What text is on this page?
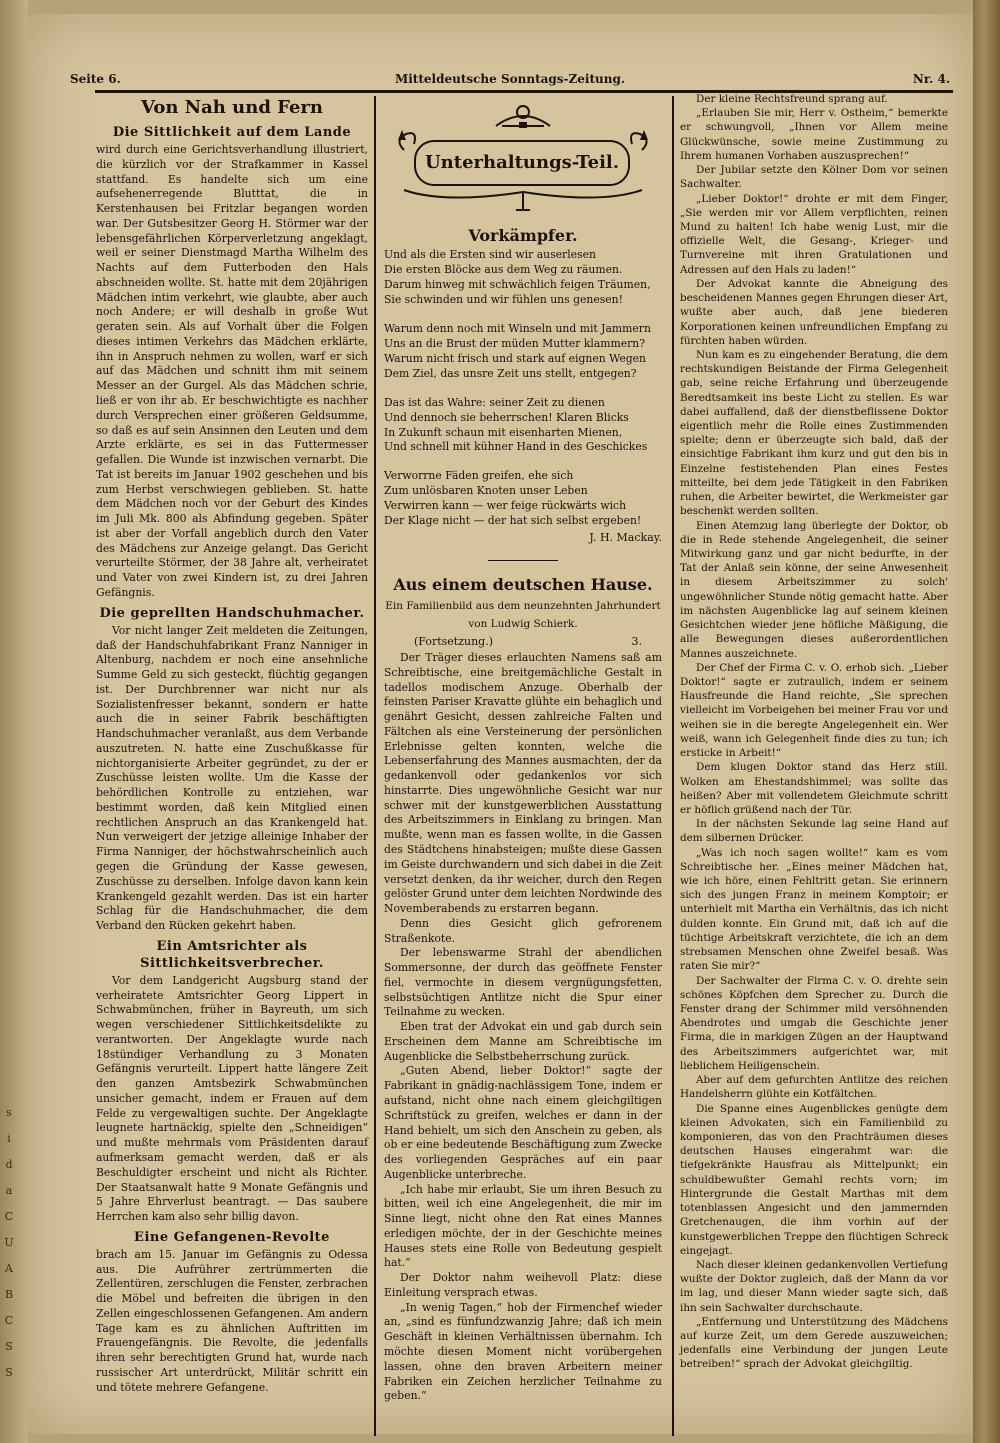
s
i
d
a
C
U
A
B
C
S
S
Seite 6.	Mitteldeutsche Sonntags-Zeitung.	Nr. 4.
Von Nah und Fern
Die Sittlichkeit auf dem Lande

wird durch eine Gerichtsverhandlung illustriert, die kürzlich vor der Strafkammer in Kassel stattfand. Es handelte sich um eine aufsehenerregende Blutttat, die in Kerstenhausen bei Fritzlar begangen worden war. Der Gutsbesitzer Georg H. Störmer war der lebensgefährlichen Körperverletzung angeklagt, weil er seiner Dienstmagd Martha Wilhelm des Nachts auf dem Futterboden den Hals abschneiden wollte. St. hatte mit dem 20jährigen Mädchen intim verkehrt, wie glaubte, aber auch noch Andere; er will deshalb in große Wut geraten sein. Als auf Vorhalt über die Folgen dieses intimen Verkehrs das Mädchen erklärte, ihn in Anspruch nehmen zu wollen, warf er sich auf das Mädchen und schnitt ihm mit seinem Messer an der Gurgel. Als das Mädchen schrie, ließ er von ihr ab. Er beschwichtigte es nachher durch Versprechen einer größeren Geldsumme, so daß es auf sein Ansinnen den Leuten und dem Arzte erklärte, es sei in das Futtermesser gefallen. Die Wunde ist inzwischen vernarbt. Die Tat ist bereits im Januar 1902 geschehen und bis zum Herbst verschwiegen geblieben. St. hatte dem Mädchen noch vor der Geburt des Kindes im Juli Mk. 800 als Abfindung gegeben. Später ist aber der Vorfall angeblich durch den Vater des Mädchens zur Anzeige gelangt. Das Gericht verurteilte Störmer, der 38 Jahre alt, verheiratet und Vater von zwei Kindern ist, zu drei Jahren Gefängnis.

Die geprellten Handschuhmacher.

Vor nicht langer Zeit meldeten die Zeitungen, daß der Handschuhfabrikant Franz Nanniger in Altenburg, nachdem er noch eine ansehnliche Summe Geld zu sich gesteckt, flüchtig gegangen ist. Der Durchbrenner war nicht nur als Sozialistenfresser bekannt, sondern er hatte auch die in seiner Fabrik beschäftigten Handschuhmacher veranlaßt, aus dem Verbande auszutreten. N. hatte eine Zuschußkasse für nichtorganisierte Arbeiter gegründet, zu der er Zuschüsse leisten wollte. Um die Kasse der behördlichen Kontrolle zu entziehen, war bestimmt worden, daß kein Mitglied einen rechtlichen Anspruch an das Krankengeld hat. Nun verweigert der jetzige alleinige Inhaber der Firma Nanniger, der höchstwahrscheinlich auch gegen die Gründung der Kasse gewesen, Zuschüsse zu derselben. Infolge davon kann kein Krankengeld gezahlt werden. Das ist ein harter Schlag für die Handschuhmacher, die dem Verband den Rücken gekehrt haben.

Ein Amtsrichter als Sittlichkeitsverbrecher.

Vor dem Landgericht Augsburg stand der verheiratete Amtsrichter Georg Lippert in Schwabmünchen, früher in Bayreuth, um sich wegen verschiedener Sittlichkeitsdelikte zu verantworten. Der Angeklagte wurde nach 18stündiger Verhandlung zu 3 Monaten Gefängnis verurteilt. Lippert hatte längere Zeit den ganzen Amtsbezirk Schwabmünchen unsicher gemacht, indem er Frauen auf dem Felde zu vergewaltigen suchte. Der Angeklagte leugnete hartnäckig, spielte den „Schneidigen“ und mußte mehrmals vom Präsidenten darauf aufmerksam gemacht werden, daß er als Beschuldigter erscheint und nicht als Richter. Der Staatsanwalt hatte 9 Monate Gefängnis und 5 Jahre Ehrverlust beantragt. — Das saubere Herrchen kam also sehr billig davon.

Eine Gefangenen-Revolte

brach am 15. Januar im Gefängnis zu Odessa aus. Die Aufrührer zertrümmerten die Zellentüren, zerschlugen die Fenster, zerbrachen die Möbel und befreiten die übrigen in den Zellen eingeschlossenen Gefangenen. Am andern Tage kam es zu ähnlichen Auftritten im Frauengefängnis. Die Revolte, die jedenfalls ihren sehr berechtigten Grund hat, wurde nach russischer Art unterdrückt, Militär schritt ein und tötete mehrere Gefangene.

Unterhaltungs-Teil.
Vorkämpfer.
Und als die Ersten sind wir auserlesen
Die ersten Blöcke aus dem Weg zu räumen.
Darum hinweg mit schwächlich feigen Träumen,
Sie schwinden und wir fühlen uns genesen!
Warum denn noch mit Winseln und mit Jammern
Uns an die Brust der müden Mutter klammern?
Warum nicht frisch und stark auf eignen Wegen
Dem Ziel, das unsre Zeit uns stellt, entgegen?
Das ist das Wahre: seiner Zeit zu dienen
Und dennoch sie beherrschen! Klaren Blicks
In Zukunft schaun mit eisenharten Mienen,
Und schnell mit kühner Hand in des Geschickes
Verworrne Fäden greifen, ehe sich
Zum unlösbaren Knoten unser Leben
Verwirren kann — wer feige rückwärts wich
Der Klage nicht — der hat sich selbst ergeben!
J. H. Mackay.
Aus einem deutschen Hause.
Ein Familienbild aus dem neunzehnten Jahrhundert
von Ludwig Schierk.
(Fortsetzung.)	3.

Der Träger dieses erlauchten Namens saß am Schreibtische, eine breitgemächliche Gestalt in tadellos modischem Anzuge. Oberhalb der feinsten Pariser Kravatte glühte ein behaglich und genährt Gesicht, dessen zahlreiche Falten und Fältchen als eine Versteinerung der persönlichen Erlebnisse gelten konnten, welche die Lebenserfahrung des Mannes ausmachten, der da gedankenvoll oder gedankenlos vor sich hinstarrte. Dies ungewöhnliche Gesicht war nur schwer mit der kunstgewerblichen Ausstattung des Arbeitszimmers in Einklang zu bringen. Man mußte, wenn man es fassen wollte, in die Gassen des Städtchens hinabsteigen; mußte diese Gassen im Geiste durchwandern und sich dabei in die Zeit versetzt denken, da ihr weicher, durch den Regen gelöster Grund unter dem leichten Nordwinde des Novemberabends zu erstarren begann.

Denn dies Gesicht glich gefrorenem Straßenkote.

Der lebenswarme Strahl der abendlichen Sommersonne, der durch das geöffnete Fenster fiel, vermochte in diesem vergnügungsfetten, selbstsüchtigen Antlitze nicht die Spur einer Teilnahme zu wecken.

Eben trat der Advokat ein und gab durch sein Erscheinen dem Manne am Schreibtische im Augenblicke die Selbstbeherrschung zurück.

„Guten Abend, lieber Doktor!“ sagte der Fabrikant in gnädig-nachlässigem Tone, indem er aufstand, nicht ohne nach einem gleichgiltigen Schriftstück zu greifen, welches er dann in der Hand behielt, um sich den Anschein zu geben, als ob er eine bedeutende Beschäftigung zum Zwecke des vorliegenden Gespräches auf ein paar Augenblicke unterbreche.

„Ich habe mir erlaubt, Sie um ihren Besuch zu bitten, weil ich eine Angelegenheit, die mir im Sinne liegt, nicht ohne den Rat eines Mannes erledigen möchte, der in der Geschichte meines Hauses stets eine Rolle von Bedeutung gespielt hat.“

Der Doktor nahm weihevoll Platz: diese Einleitung versprach etwas.

„In wenig Tagen,“ hob der Firmenchef wieder an, „sind es fünfundzwanzig Jahre; daß ich mein Geschäft in kleinen Verhältnissen übernahm. Ich möchte diesen Moment nicht vorübergehen lassen, ohne den braven Arbeitern meiner Fabriken ein Zeichen herzlicher Teilnahme zu geben.“

Der kleine Rechtsfreund sprang auf.

„Erlauben Sie mir, Herr v. Ostheim,“ bemerkte er schwungvoll, „Ihnen vor Allem meine Glückwünsche, sowie meine Zustimmung zu Ihrem humanen Vorhaben auszusprechen!“

Der Jubilar setzte den Kölner Dom vor seinen Sachwalter.

„Lieber Doktor!“ drohte er mit dem Finger, „Sie werden mir vor Allem verpflichten, reinen Mund zu halten! Ich habe wenig Lust, mir die offizielle Welt, die Gesang-, Krieger- und Turnvereine mit ihren Gratulationen und Adressen auf den Hals zu laden!“

Der Advokat kannte die Abneigung des bescheidenen Mannes gegen Ehrungen dieser Art, wußte aber auch, daß jene biederen Korporationen keinen unfreundlichen Empfang zu fürchten haben würden.

Nun kam es zu eingehender Beratung, die dem rechtskundigen Beistande der Firma Gelegenheit gab, seine reiche Erfahrung und überzeugende Beredtsamkeit ins beste Licht zu stellen. Es war dabei auffallend, daß der dienstbeflissene Doktor eigentlich mehr die Rolle eines Zustimmenden spielte; denn er überzeugte sich bald, daß der einsichtige Fabrikant ihm kurz und gut den bis in Einzelne festistehenden Plan eines Festes mitteilte, bei dem jede Tätigkeit in den Fabriken ruhen, die Arbeiter bewirtet, die Werkmeister gar beschenkt werden sollten.

Einen Atemzug lang überlegte der Doktor, ob die in Rede stehende Angelegenheit, die seiner Mitwirkung ganz und gar nicht bedurfte, in der Tat der Anlaß sein könne, der seine Anwesenheit in diesem Arbeitszimmer zu solch' ungewöhnlicher Stunde nötig gemacht hatte. Aber im nächsten Augenblicke lag auf seinem kleinen Gesichtchen wieder jene höfliche Mäßigung, die alle Bewegungen dieses außerordentlichen Mannes auszeichnete.

Der Chef der Firma C. v. O. erhob sich. „Lieber Doktor!“ sagte er zutraulich, indem er seinem Hausfreunde die Hand reichte, „Sie sprechen vielleicht im Vorbeigehen bei meiner Frau vor und weihen sie in die beregte Angelegenheit ein. Wer weiß, wann ich Gelegenheit finde dies zu tun; ich ersticke in Arbeit!“

Dem klugen Doktor stand das Herz still. Wolken am Ehestandshimmel; was sollte das heißen? Aber mit vollendetem Gleichmute schritt er höflich grüßend nach der Tür.

In der nächsten Sekunde lag seine Hand auf dem silbernen Drücker.

„Was ich noch sagen wollte!“ kam es vom Schreibtische her. „Eines meiner Mädchen hat, wie ich höre, einen Fehltritt getan. Sie erinnern sich des jungen Franz in meinem Komptoir; er unterhielt mit Martha ein Verhältnis, das ich nicht dulden konnte. Ein Grund mit, daß ich auf die tüchtige Arbeitskraft verzichtete, die ich an dem strebsamen Menschen ohne Zweifel besaß. Was raten Sie mir?“

Der Sachwalter der Firma C. v. O. drehte sein schönes Köpfchen dem Sprecher zu. Durch die Fenster drang der Schimmer mild versöhnenden Abendrotes und umgab die Geschichte jener Firma, die in markigen Zügen an der Hauptwand des Arbeitszimmers aufgerichtet war, mit lieblichem Heiligenschein.

Aber auf dem gefurchten Antlitze des reichen Handelsherrn glühte ein Kotfältchen.

Die Spanne eines Augenblickes genügte dem kleinen Advokaten, sich ein Familienbild zu komponieren, das von den Prachträumen dieses deutschen Hauses eingerahmt war: die tiefgekränkte Hausfrau als Mittelpunkt; ein schuldbewußter Gemahl rechts vorn; im Hintergrunde die Gestalt Marthas mit dem totenblassen Angesicht und den jammernden Gretchenaugen, die ihm vorhin auf der kunstgewerblichen Treppe den flüchtigen Schreck eingejagt.

Nach dieser kleinen gedankenvollen Vertiefung wußte der Doktor zugleich, daß der Mann da vor im lag, und dieser Mann wieder sagte sich, daß ihn sein Sachwalter durchschaute.

„Entfernung und Unterstützung des Mädchens auf kurze Zeit, um dem Gerede auszuweichen; jedenfalls eine Verbindung der jungen Leute betreiben!“ sprach der Advokat gleichgiltig.
